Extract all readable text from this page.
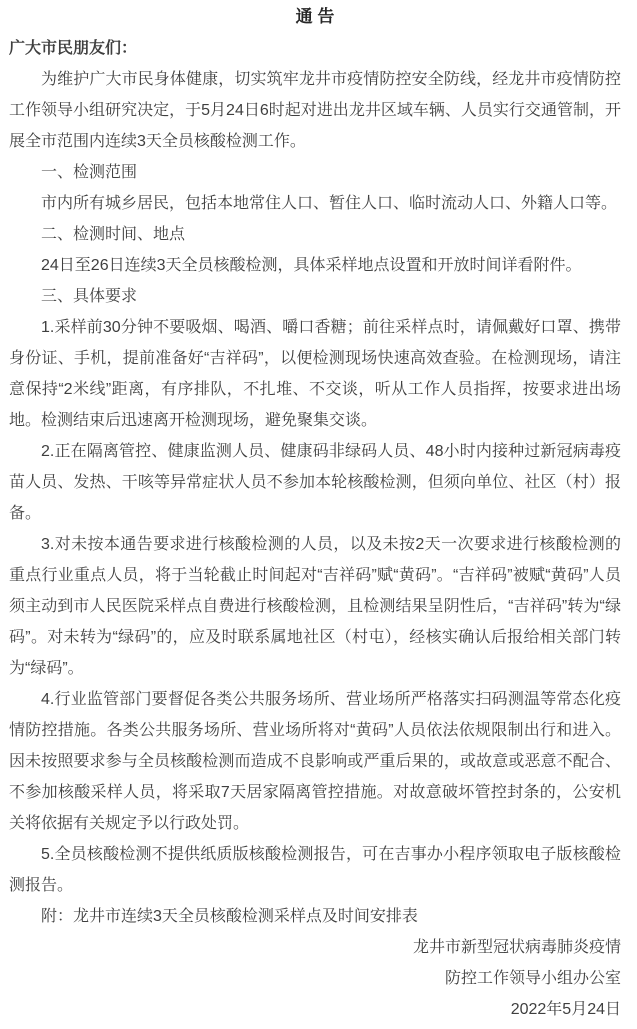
通 告

广大市民朋友们：

为维护广大市民身体健康，切实筑牢龙井市疫情防控安全防线，经龙井市疫情防控工作领导小组研究决定，于5月24日6时起对进出龙井区域车辆、人员实行交通管制，开展全市范围内连续3天全员核酸检测工作。

一、检测范围

市内所有城乡居民，包括本地常住人口、暂住人口、临时流动人口、外籍人口等。

二、检测时间、地点

24日至26日连续3天全员核酸检测，具体采样地点设置和开放时间详看附件。

三、具体要求

1.采样前30分钟不要吸烟、喝酒、嚼口香糖；前往采样点时，请佩戴好口罩、携带身份证、手机，提前准备好“吉祥码”，以便检测现场快速高效查验。在检测现场，请注意保持“2米线”距离，有序排队，不扎堆、不交谈，听从工作人员指挥，按要求进出场地。检测结束后迅速离开检测现场，避免聚集交谈。

2.正在隔离管控、健康监测人员、健康码非绿码人员、48小时内接种过新冠病毒疫苗人员、发热、干咳等异常症状人员不参加本轮核酸检测，但须向单位、社区（村）报备。

3.对未按本通告要求进行核酸检测的人员，以及未按2天一次要求进行核酸检测的重点行业重点人员，将于当轮截止时间起对“吉祥码”赋“黄码”。“吉祥码”被赋“黄码”人员须主动到市人民医院采样点自费进行核酸检测，且检测结果呈阴性后，“吉祥码”转为“绿码”。对未转为“绿码”的，应及时联系属地社区（村屯），经核实确认后报给相关部门转为“绿码”。

4.行业监管部门要督促各类公共服务场所、营业场所严格落实扫码测温等常态化疫情防控措施。各类公共服务场所、营业场所将对“黄码”人员依法依规限制出行和进入。因未按照要求参与全员核酸检测而造成不良影响或严重后果的，或故意或恶意不配合、不参加核酸采样人员，将采取7天居家隔离管控措施。对故意破坏管控封条的，公安机关将依据有关规定予以行政处罚。

5.全员核酸检测不提供纸质版核酸检测报告，可在吉事办小程序领取电子版核酸检测报告。

附：龙井市连续3天全员核酸检测采样点及时间安排表

龙井市新型冠状病毒肺炎疫情

防控工作领导小组办公室

2022年5月24日
